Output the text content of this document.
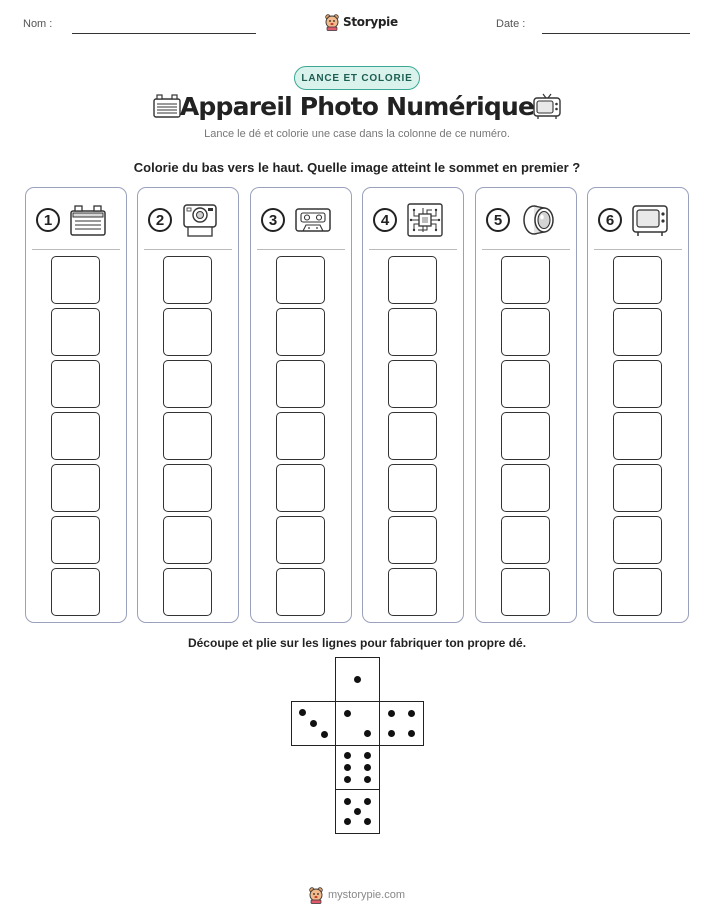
Nom :	Date :
Storypie
LANCE ET COLORIE
Appareil Photo Numérique
Lance le dé et colorie une case dans la colonne de ce numéro.
Colorie du bas vers le haut. Quelle image atteint le sommet en premier ?
1	2	3	4	5	6
Découpe et plie sur les lignes pour fabriquer ton propre dé.
mystorypie.com
